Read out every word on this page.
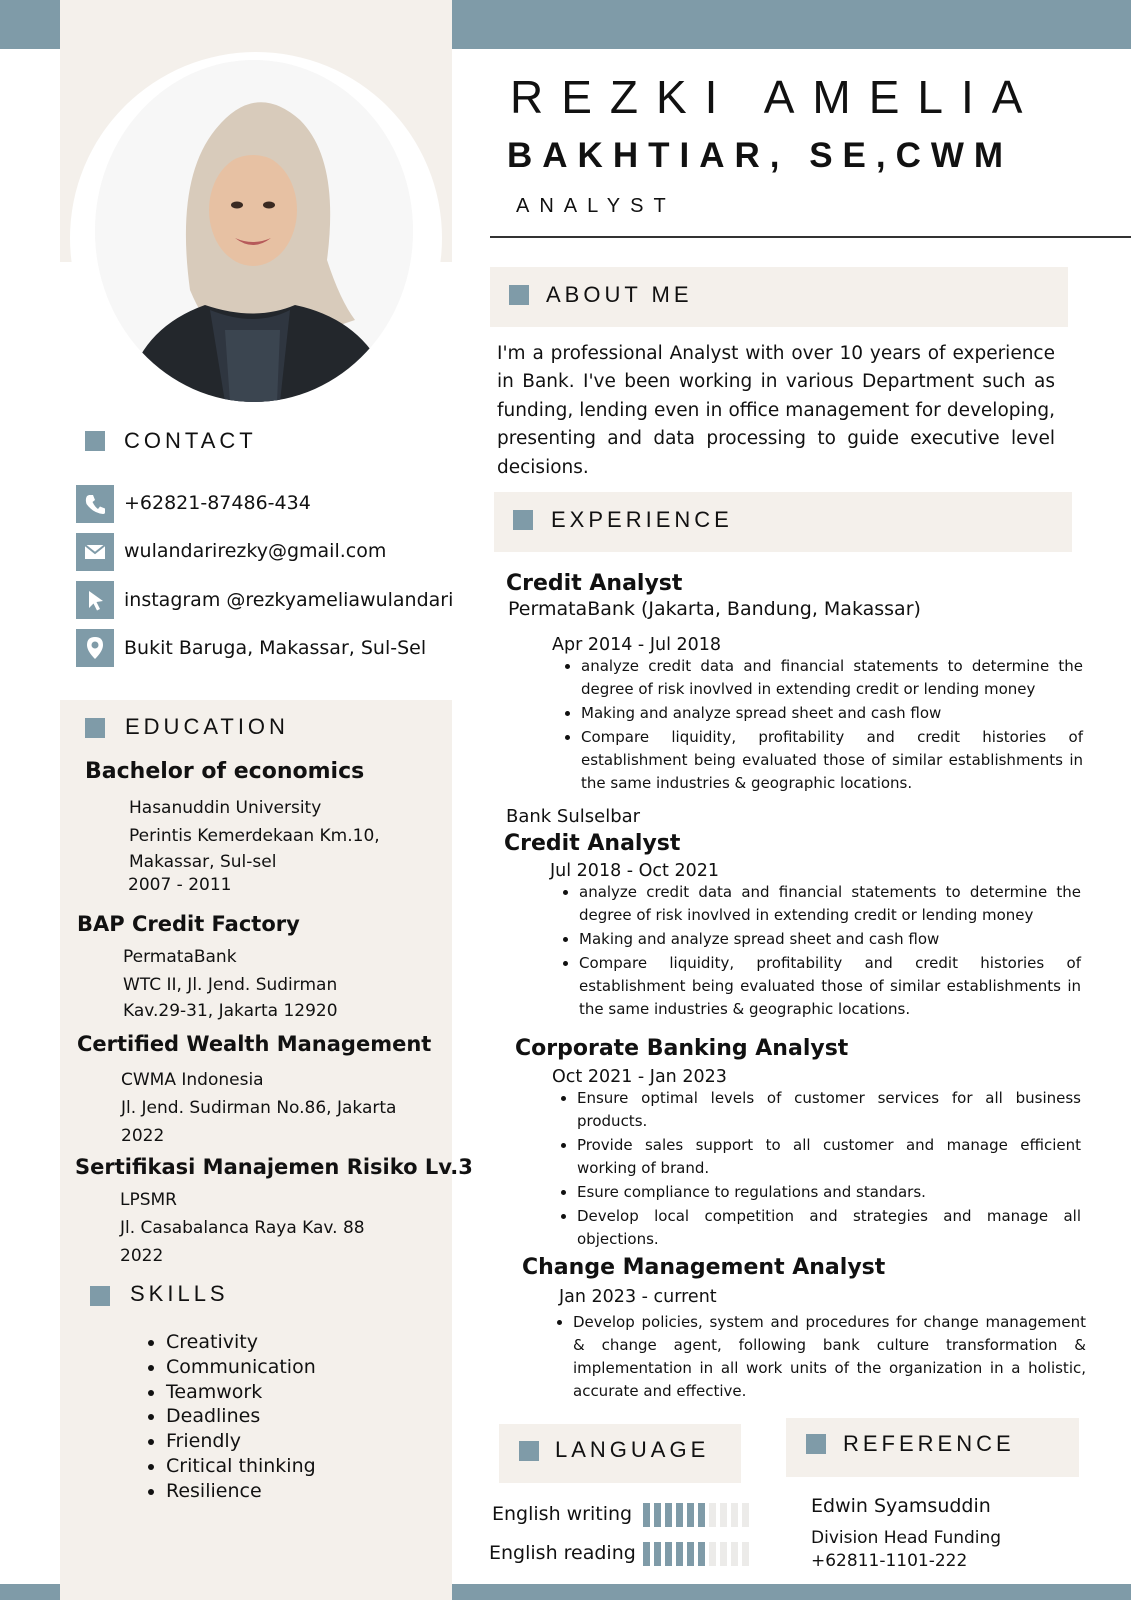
REZKI AMELIA
BAKHTIAR, SE,CWM
ANALYST
CONTACT
+62821-87486-434
wulandarirezky@gmail.com
instagram @rezkyameliawulandari
Bukit Baruga, Makassar, Sul-Sel
EDUCATION
Bachelor of economics
Hasanuddin University
Perintis Kemerdekaan Km.10,
Makassar, Sul-sel
2007 - 2011
BAP Credit Factory
PermataBank
WTC II, Jl. Jend. Sudirman
Kav.29-31, Jakarta 12920
Certified Wealth Management
CWMA Indonesia
Jl. Jend. Sudirman No.86, Jakarta
2022
Sertifikasi Manajemen Risiko Lv.3
LPSMR
Jl. Casabalanca Raya Kav. 88
2022
SKILLS
• Creativity
• Communication
• Teamwork
• Deadlines
• Friendly
• Critical thinking
• Resilience
ABOUT ME
I'm a professional Analyst with over 10 years of experience in Bank. I've been working in various Department such as funding, lending even in office management for developing, presenting and data processing to guide executive level decisions.
EXPERIENCE
Credit Analyst
PermataBank (Jakarta, Bandung, Makassar)
Apr 2014 - Jul 2018
• analyze credit data and financial statements to determine the degree of risk inovlved in extending credit or lending money
• Making and analyze spread sheet and cash flow
• Compare liquidity, profitability and credit histories of establishment being evaluated those of similar establishments in the same industries & geographic locations.
Bank Sulselbar
Credit Analyst
Jul 2018 - Oct 2021
• analyze credit data and financial statements to determine the degree of risk inovlved in extending credit or lending money
• Making and analyze spread sheet and cash flow
• Compare liquidity, profitability and credit histories of establishment being evaluated those of similar establishments in the same industries & geographic locations.
Corporate Banking Analyst
Oct 2021 - Jan 2023
• Ensure optimal levels of customer services for all business products.
• Provide sales support to all customer and manage efficient working of brand.
• Esure compliance to regulations and standars.
• Develop local competition and strategies and manage all objections.
Change Management Analyst
Jan 2023 - current
• Develop policies, system and procedures for change management & change agent, following bank culture transformation & implementation in all work units of the organization in a holistic, accurate and effective.
LANGUAGE
English writing
English reading
REFERENCE
Edwin Syamsuddin
Division Head Funding
+62811-1101-222
